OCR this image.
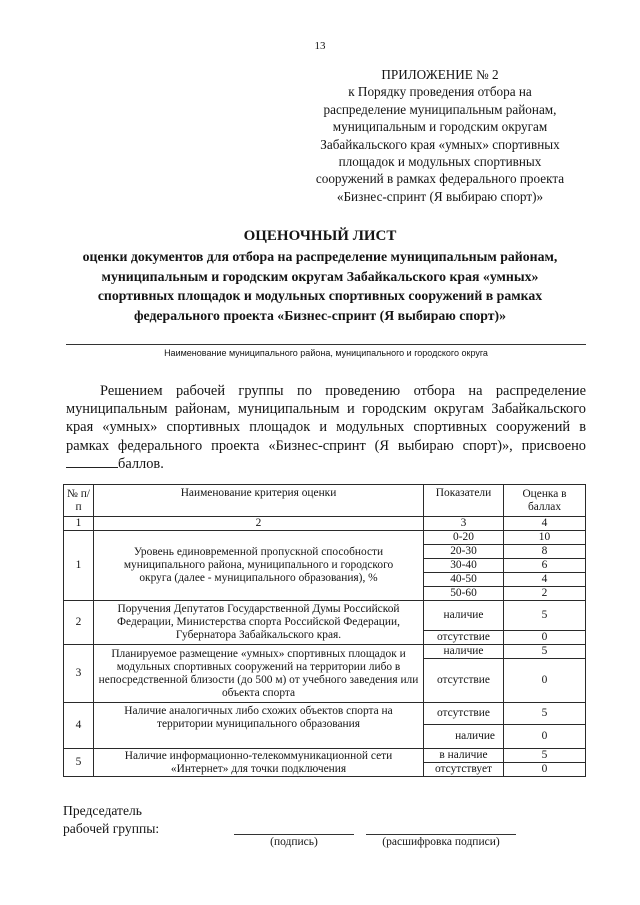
13
ПРИЛОЖЕНИЕ № 2
к Порядку проведения отбора на
распределение муниципальным районам,
муниципальным и городским округам
Забайкальского края «умных» спортивных
площадок и модульных спортивных
сооружений в рамках федерального проекта
«Бизнес-спринт (Я выбираю спорт)»
ОЦЕНОЧНЫЙ ЛИСТ
оценки документов для отбора на распределение муниципальным районам,
муниципальным и городским округам Забайкальского края «умных»
спортивных площадок и модульных спортивных сооружений в рамках
федерального проекта «Бизнес-спринт (Я выбираю спорт)»
Наименование муниципального района, муниципального и городского округа

Решением рабочей группы по проведению отбора на распределение муниципальным районам, муниципальным и городским округам Забайкальского края «умных» спортивных площадок и модульных спортивных сооружений в рамках федерального проекта «Бизнес-спринт (Я выбираю спорт)», присвоено баллов.

№ п/п	Наименование критерия оценки	Показатели	Оценка в баллах
1	2	3	4
1	Уровень единовременной пропускной способности муниципального района, муниципального и городского округа (далее - муниципального образования), %	0-20	10
		20-30	8
		30-40	6
		40-50	4
		50-60	2
2	Поручения Депутатов Государственной Думы Российской Федерации, Министерства спорта Российской Федерации, Губернатора Забайкальского края.	наличие	5
		отсутствие	0
3	Планируемое размещение «умных» спортивных площадок и модульных спортивных сооружений на территории либо в непосредственной близости (до 500 м) от учебного заведения или объекта спорта	наличие	5
		отсутствие	0
4	Наличие аналогичных либо схожих объектов спорта на территории муниципального образования	отсутствие	5
		наличие	0
5	Наличие информационно-телекоммуникационной сети «Интернет» для точки подключения	в наличие	5
		отсутствует	0
Председатель
рабочей группы:
(подпись)	(расшифровка подписи)
